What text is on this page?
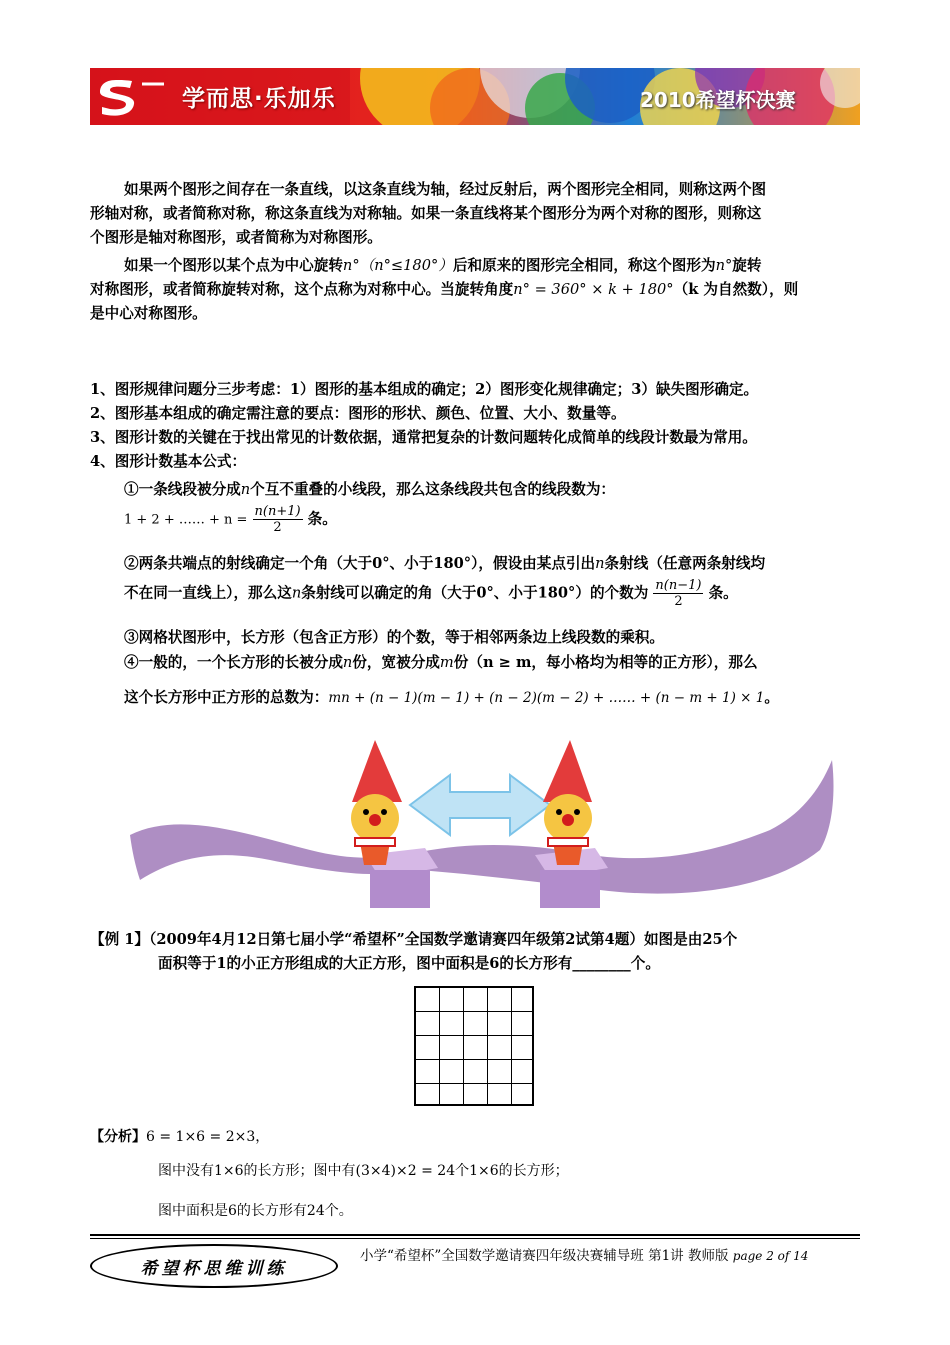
学而思·乐加乐	2010希望杯决赛
如果两个图形之间存在一条直线，以这条直线为轴，经过反射后，两个图形完全相同，则称这两个图
形轴对称，或者简称对称，称这条直线为对称轴。如果一条直线将某个图形分为两个对称的图形，则称这
个图形是轴对称图形，或者简称为对称图形。
如果一个图形以某个点为中心旋转n°（n°≤180°）后和原来的图形完全相同，称这个图形为n°旋转
对称图形，或者简称旋转对称，这个点称为对称中心。当旋转角度n° = 360° × k + 180°（k 为自然数），则
是中心对称图形。
1、图形规律问题分三步考虑：1）图形的基本组成的确定；2）图形变化规律确定；3）缺失图形确定。
2、图形基本组成的确定需注意的要点：图形的形状、颜色、位置、大小、数量等。
3、图形计数的关键在于找出常见的计数依据，通常把复杂的计数问题转化成简单的线段计数最为常用。
4、图形计数基本公式：
①一条线段被分成n个互不重叠的小线段，那么这条线段共包含的线段数为：
1 + 2 + …… + $n = \frac{n(n+1)}{2}$ 条。
②两条共端点的射线确定一个角（大于0°、小于180°），假设由某点引出n条射线（任意两条射线均
不在同一直线上），那么这n条射线可以确定的角（大于0°、小于180°）的个数为 $\frac{n(n-1)}{2}$ 条。
③网格状图形中，长方形（包含正方形）的个数，等于相邻两条边上线段数的乘积。
④一般的，一个长方形的长被分成n份，宽被分成m份（n ≥ m，每小格均为相等的正方形），那么
这个长方形中正方形的总数为：mn + (n − 1)(m − 1) + (n − 2)(m − 2) + …… + (n − m + 1) × 1。
【例 1】（2009年4月12日第七届小学“希望杯”全国数学邀请赛四年级第2试第4题）如图是由25个
面积等于1的小正方形组成的大正方形，图中面积是6的长方形有________个。
【分析】6 = 1×6 = 2×3，
图中没有1×6的长方形；图中有(3×4)×2 = 24个1×6的长方形；
图中面积是6的长方形有24个。
希望杯思维训练
小学“希望杯”全国数学邀请赛四年级决赛辅导班 第1讲 教师版 page 2 of 14
